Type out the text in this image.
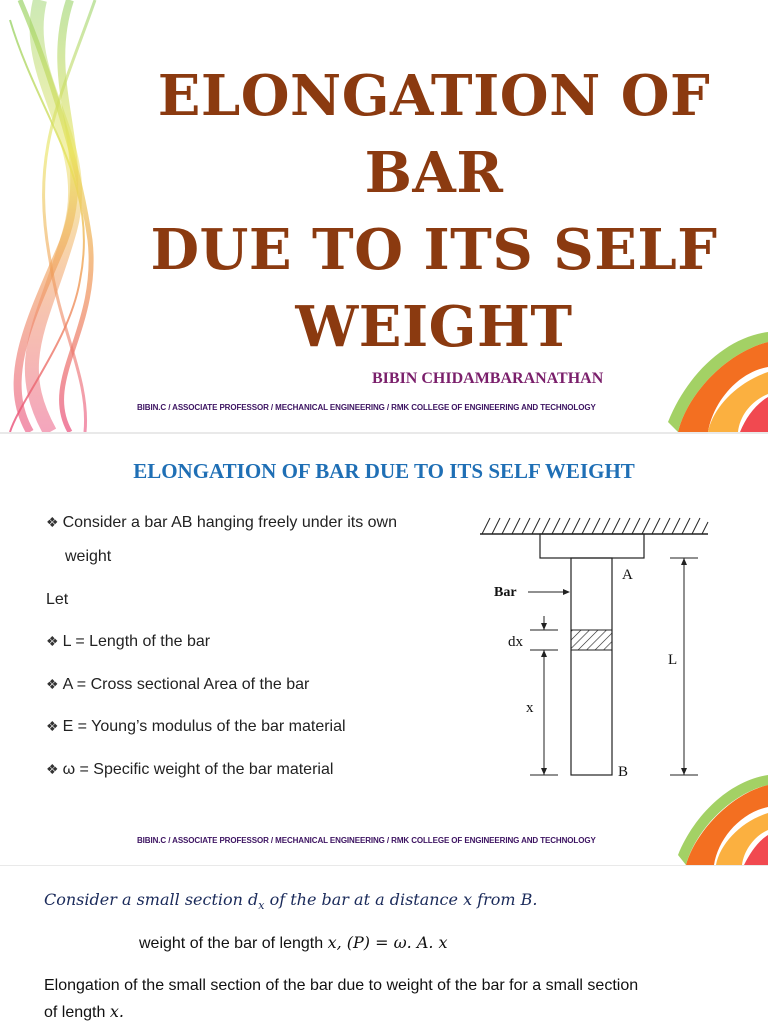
ELONGATION OF BAR
DUE TO ITS SELF
WEIGHT
BIBIN CHIDAMBARANATHAN
BIBIN.C / ASSOCIATE PROFESSOR / MECHANICAL ENGINEERING / RMK COLLEGE OF ENGINEERING AND TECHNOLOGY
ELONGATION OF BAR DUE TO ITS SELF WEIGHT
❖ Consider a bar AB hanging freely under its own
weight
Let
❖ L = Length of the bar
❖ A = Cross sectional Area of the bar
❖ E = Young’s modulus of the bar material
❖ ω = Specific weight of the bar material
Bar
A
B
dx
x
L
BIBIN.C / ASSOCIATE PROFESSOR / MECHANICAL ENGINEERING / RMK COLLEGE OF ENGINEERING AND TECHNOLOGY
Consider a small section $d_x$ of the bar at a distance x from B.
weight of the bar of length x, (P) = ω. A. x
Elongation of the small section of the bar due to weight of the bar for a small section
of length x.
